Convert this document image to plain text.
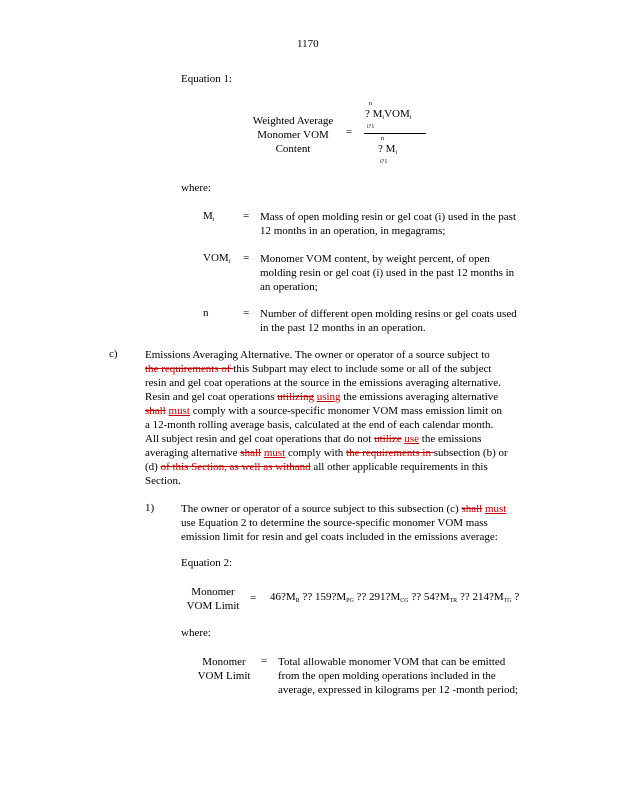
1170
Equation 1:
Weighted Average
Monomer VOM
Content
=
n
? $M_iVOM_i$
i?1
n
? $M_i$
i?1
where:
$M_i$	= Mass of open molding resin or gel coat (i) used in the past
12 months in an operation, in megagrams;
$VOM_i$ = Monomer VOM content, by weight percent, of open
molding resin or gel coat (i) used in the past 12 months in
an operation;
n	= Number of different open molding resins or gel coats used
in the past 12 months in an operation.
c) Emissions Averaging Alternative. The owner or operator of a source subject to
the requirements of this Subpart may elect to include some or all of the subject
resin and gel coat operations at the source in the emissions averaging alternative.
Resin and gel coat operations utilizing using the emissions averaging alternative
shall must comply with a source-specific monomer VOM mass emission limit on
a 12-month rolling average basis, calculated at the end of each calendar month.
All subject resin and gel coat operations that do not utilize use the emissions
averaging alternative shall must comply with the requirements in subsection (b) or
(d) of this Section, as well as withand all other applicable requirements in this
Section.
1) The owner or operator of a source subject to this subsection (c) shall must
use Equation 2 to determine the source-specific monomer VOM mass
emission limit for resin and gel coats included in the emissions average:
Equation 2:
Monomer
VOM Limit
= $46?M_R$ ?? $159?M_{PG}$ ?? $291?M_{CG}$ ?? $54?M_{TR}$ ?? $214?M_{TG}$ ?
where:
Monomer
VOM Limit
= Total allowable monomer VOM that can be emitted
from the open molding operations included in the
average, expressed in kilograms per 12 -month period;
